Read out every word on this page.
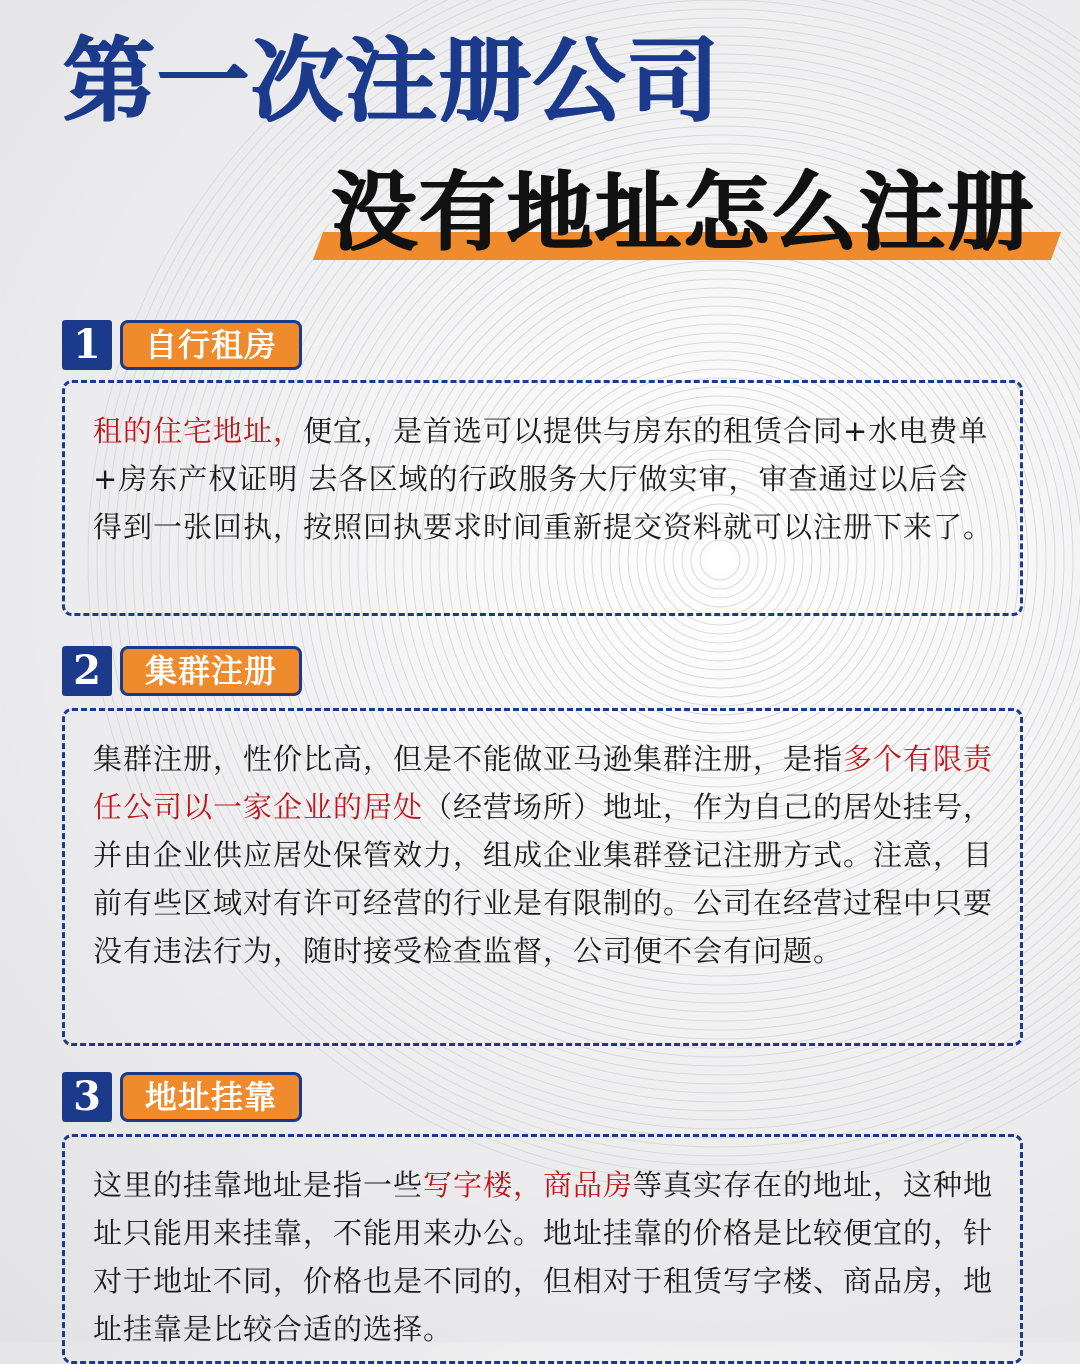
第一次注册公司
没有地址怎么注册
1	自行租房

租的住宅地址，便宜，是首选可以提供与房东的租赁合同+水电费单+房东产权证明 去各区域的行政服务大厅做实审，审查通过以后会得到一张回执，按照回执要求时间重新提交资料就可以注册下来了。

2	集群注册

集群注册，性价比高，但是不能做亚马逊集群注册，是指多个有限责任公司以一家企业的居处（经营场所）地址，作为自己的居处挂号，并由企业供应居处保管效力，组成企业集群登记注册方式。注意，目前有些区域对有许可经营的行业是有限制的。公司在经营过程中只要没有违法行为，随时接受检查监督，公司便不会有问题。

3	地址挂靠

这里的挂靠地址是指一些写字楼，商品房等真实存在的地址，这种地址只能用来挂靠，不能用来办公。地址挂靠的价格是比较便宜的，针对于地址不同，价格也是不同的，但相对于租赁写字楼、商品房，地址挂靠是比较合适的选择。
